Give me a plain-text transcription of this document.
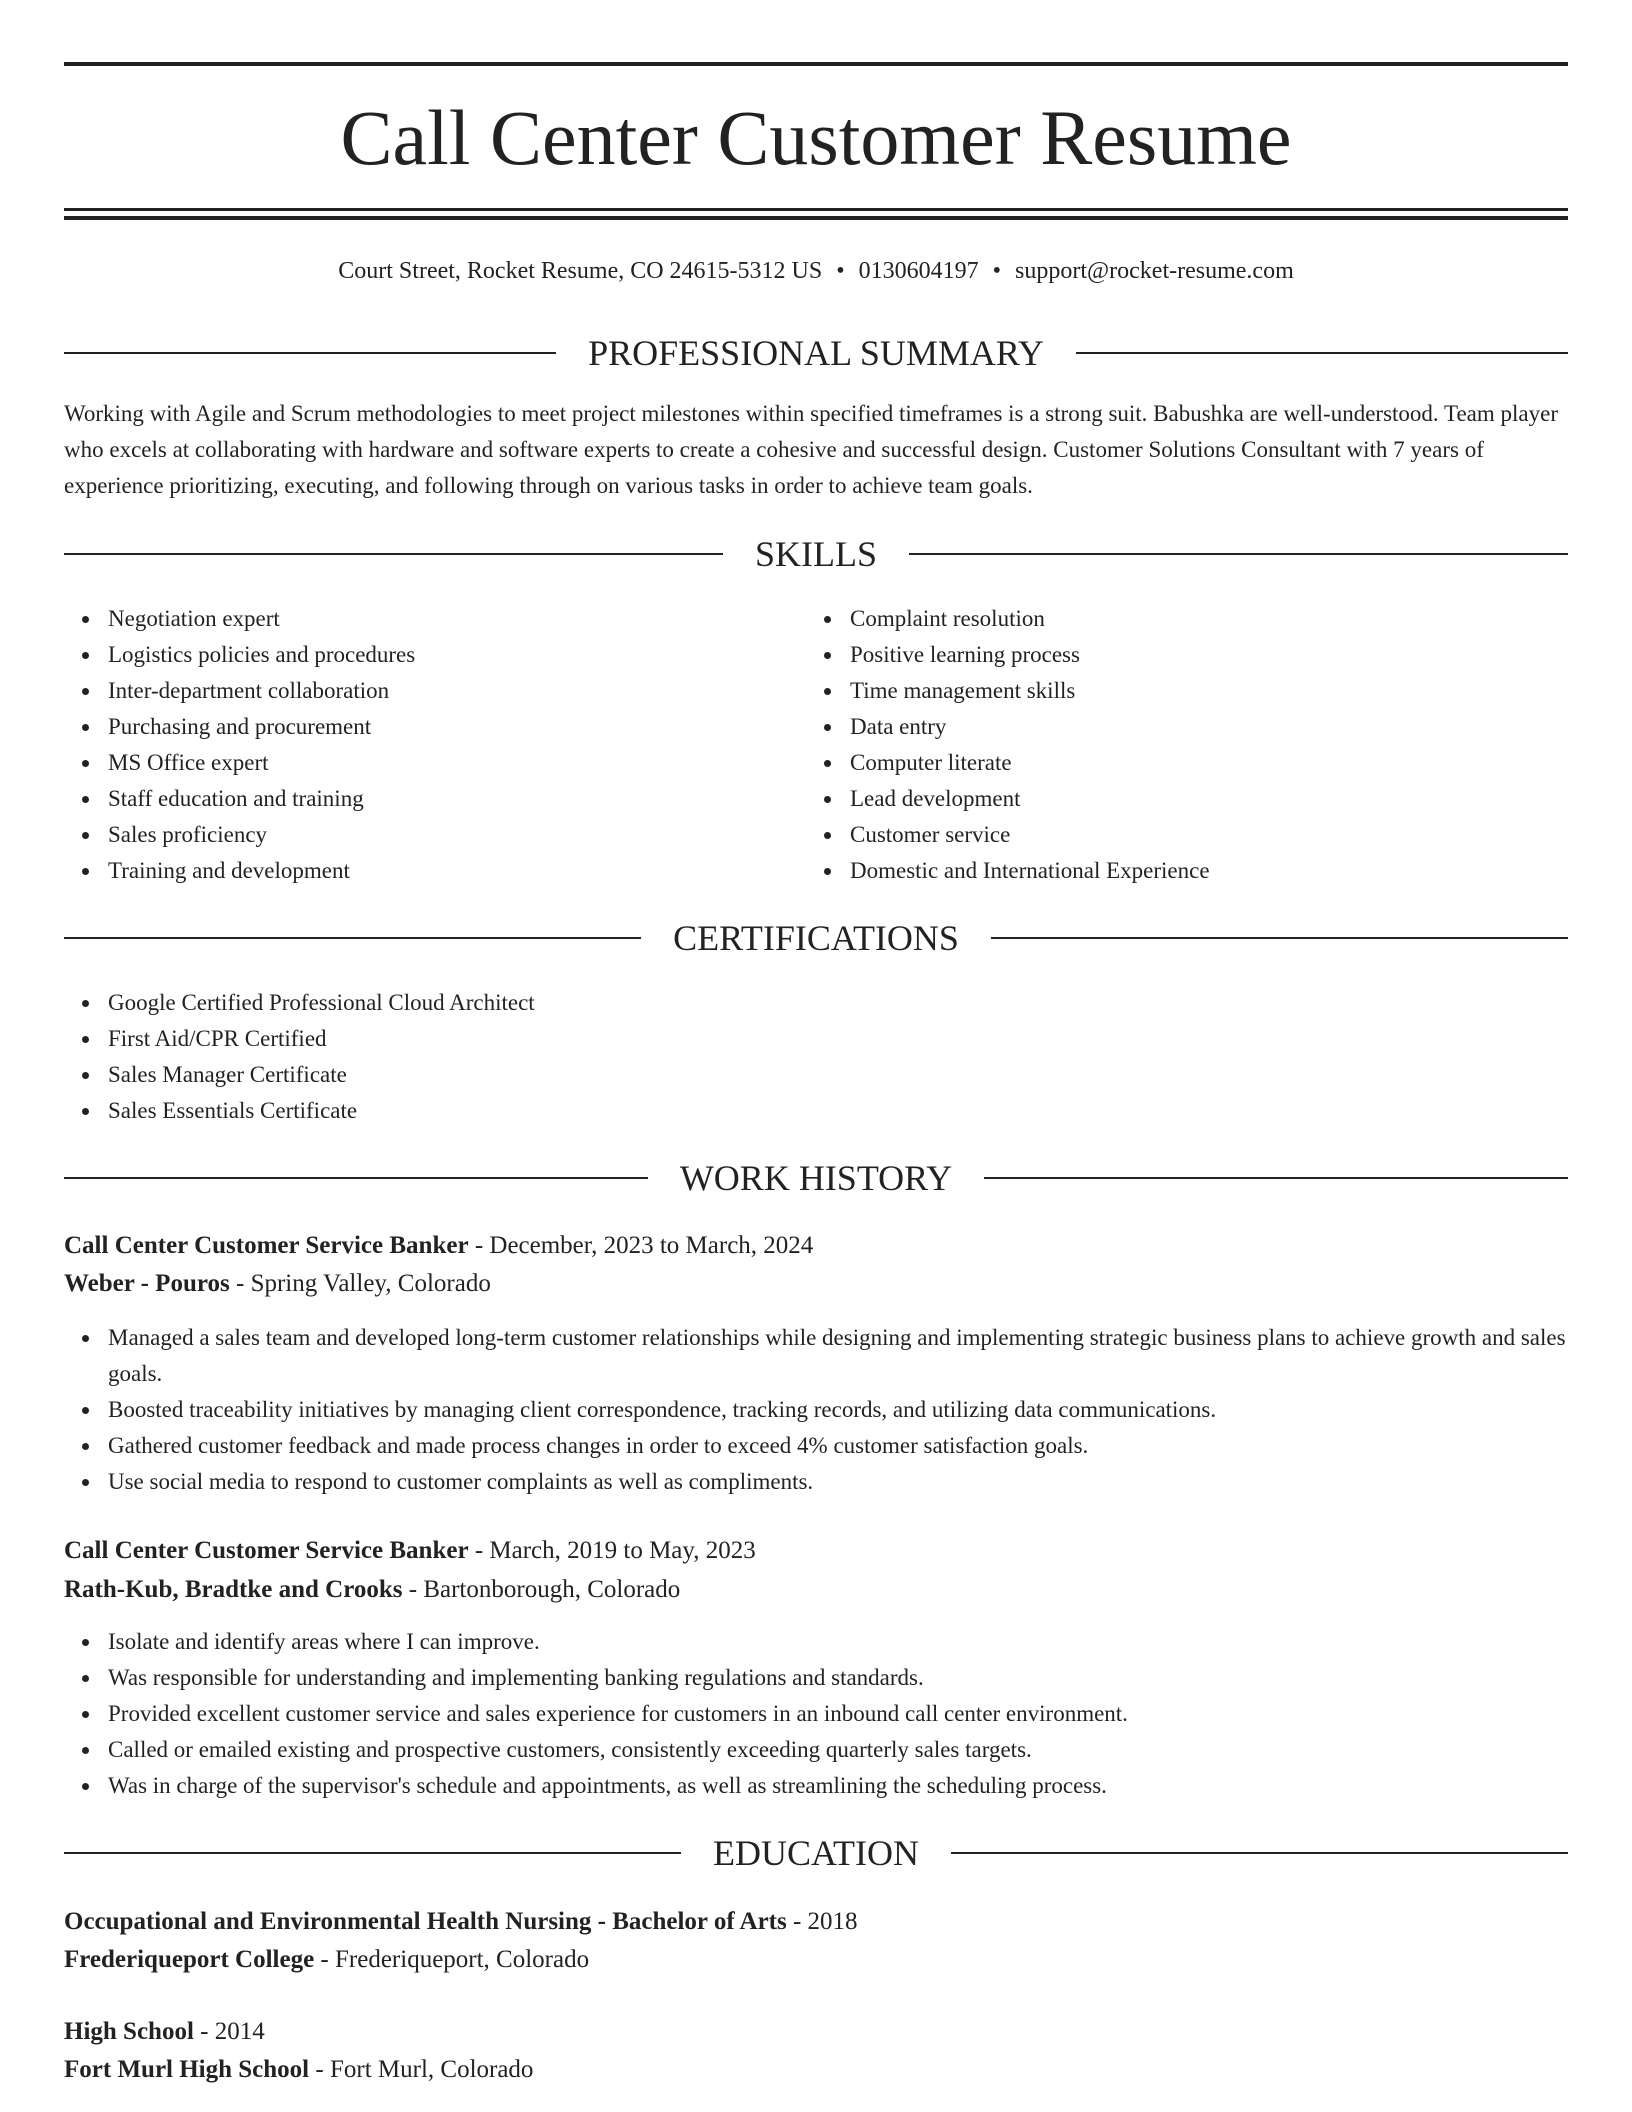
Call Center Customer Resume
Court Street, Rocket Resume, CO 24615-5312 US • 0130604197 • support@rocket-resume.com
PROFESSIONAL SUMMARY
Working with Agile and Scrum methodologies to meet project milestones within specified timeframes is a strong suit. Babushka are well-understood. Team player who excels at collaborating with hardware and software experts to create a cohesive and successful design. Customer Solutions Consultant with 7 years of experience prioritizing, executing, and following through on various tasks in order to achieve team goals.
SKILLS
Negotiation expert
Logistics policies and procedures
Inter-department collaboration
Purchasing and procurement
MS Office expert
Staff education and training
Sales proficiency
Training and development
Complaint resolution
Positive learning process
Time management skills
Data entry
Computer literate
Lead development
Customer service
Domestic and International Experience
CERTIFICATIONS
Google Certified Professional Cloud Architect
First Aid/CPR Certified
Sales Manager Certificate
Sales Essentials Certificate
WORK HISTORY
Call Center Customer Service Banker - December, 2023 to March, 2024
Weber - Pouros - Spring Valley, Colorado
Managed a sales team and developed long-term customer relationships while designing and implementing strategic business plans to achieve growth and sales goals.
Boosted traceability initiatives by managing client correspondence, tracking records, and utilizing data communications.
Gathered customer feedback and made process changes in order to exceed 4% customer satisfaction goals.
Use social media to respond to customer complaints as well as compliments.
Call Center Customer Service Banker - March, 2019 to May, 2023
Rath-Kub, Bradtke and Crooks - Bartonborough, Colorado
Isolate and identify areas where I can improve.
Was responsible for understanding and implementing banking regulations and standards.
Provided excellent customer service and sales experience for customers in an inbound call center environment.
Called or emailed existing and prospective customers, consistently exceeding quarterly sales targets.
Was in charge of the supervisor's schedule and appointments, as well as streamlining the scheduling process.
EDUCATION
Occupational and Environmental Health Nursing - Bachelor of Arts - 2018
Frederiqueport College - Frederiqueport, Colorado
High School - 2014
Fort Murl High School - Fort Murl, Colorado
